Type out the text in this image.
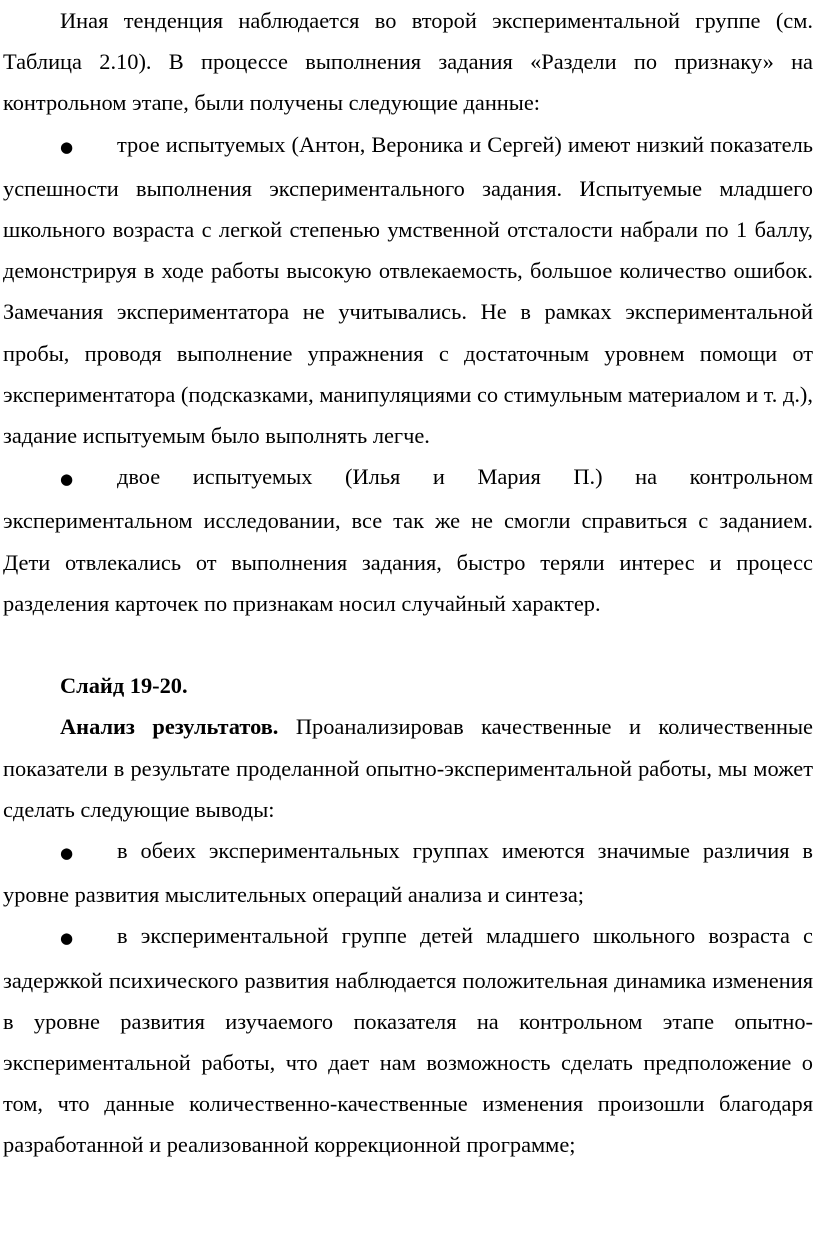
Иная тенденция наблюдается во второй экспериментальной группе (см. Таблица 2.10). В процессе выполнения задания «Раздели по признаку» на контрольном этапе, были получены следующие данные:

● трое испытуемых (Антон, Вероника и Сергей) имеют низкий показатель успешности выполнения экспериментального задания. Испытуемые младшего школьного возраста с легкой степенью умственной отсталости набрали по 1 баллу, демонстрируя в ходе работы высокую отвлекаемость, большое количество ошибок. Замечания экспериментатора не учитывались. Не в рамках экспериментальной пробы, проводя выполнение упражнения с достаточным уровнем помощи от экспериментатора (подсказками, манипуляциями со стимульным материалом и т. д.), задание испытуемым было выполнять легче.

● двое испытуемых (Илья и Мария П.) на контрольном экспериментальном исследовании, все так же не смогли справиться с заданием. Дети отвлекались от выполнения задания, быстро теряли интерес и процесс разделения карточек по признакам носил случайный характер.

Слайд 19-20.

Анализ результатов. Проанализировав качественные и количественные показатели в результате проделанной опытно-экспериментальной работы, мы может сделать следующие выводы:

● в обеих экспериментальных группах имеются значимые различия в уровне развития мыслительных операций анализа и синтеза;

● в экспериментальной группе детей младшего школьного возраста с задержкой психического развития наблюдается положительная динамика изменения в уровне развития изучаемого показателя на контрольном этапе опытно-экспериментальной работы, что дает нам возможность сделать предположение о том, что данные количественно-качественные изменения произошли благодаря разработанной и реализованной коррекционной программе;
